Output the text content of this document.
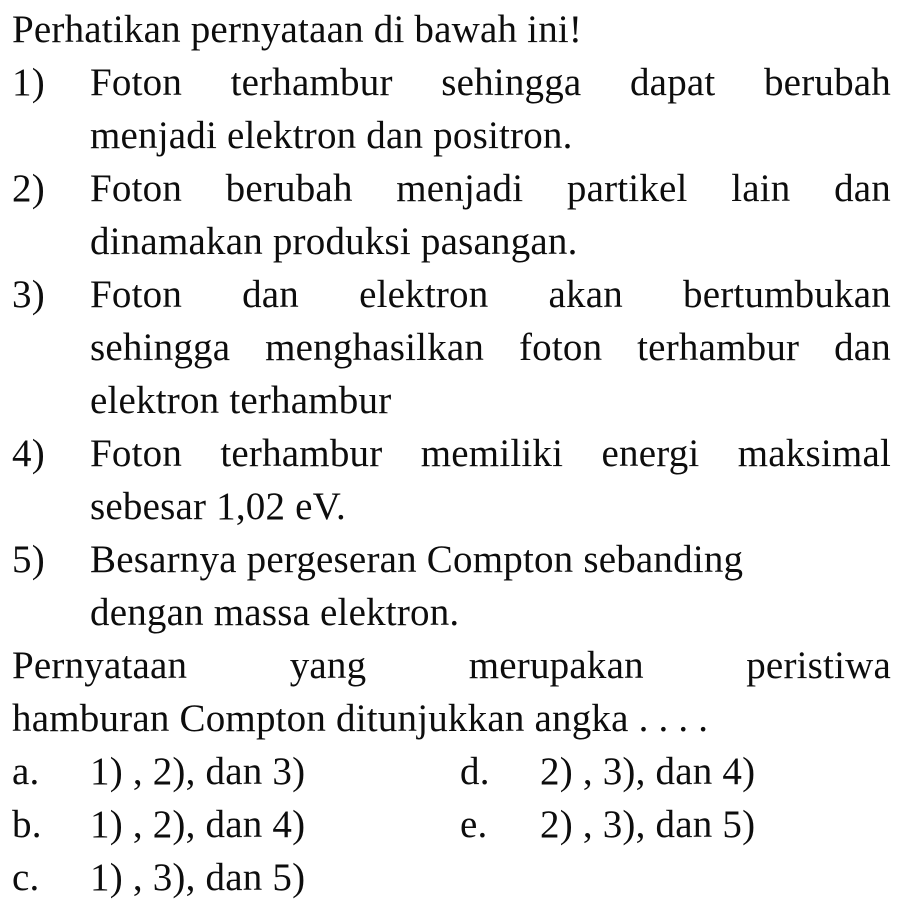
Perhatikan pernyataan di bawah ini!
1)	Foton terhambur sehingga dapat berubah
menjadi elektron dan positron.
2)	Foton berubah menjadi partikel lain dan
dinamakan produksi pasangan.
3)	Foton dan elektron akan bertumbukan
sehingga menghasilkan foton terhambur dan
elektron terhambur
4)	Foton terhambur memiliki energi maksimal
sebesar 1,02 eV.
5)	Besarnya pergeseran Compton sebanding
dengan massa elektron.
Pernyataan yang merupakan peristiwa
hamburan Compton ditunjukkan angka . . . .
a.	1) , 2), dan 3)	d.	2) , 3), dan 4)
b.	1) , 2), dan 4)	e.	2) , 3), dan 5)
c.	1) , 3), dan 5)
